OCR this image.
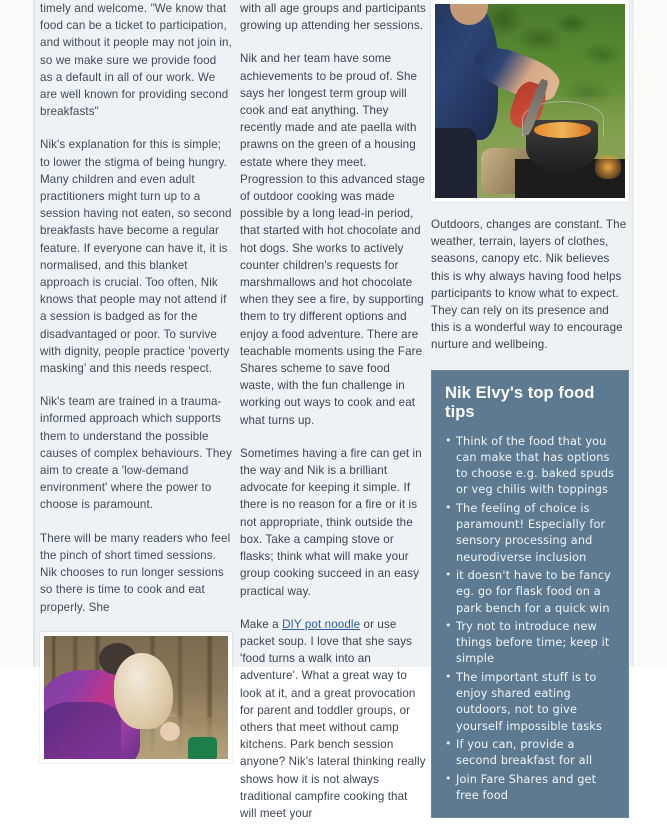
timely and welcome. "We know that food can be a ticket to participation, and without it people may not join in, so we make sure we provide food as a default in all of our work. We are well known for providing second breakfasts"

Nik's explanation for this is simple; to lower the stigma of being hungry. Many children and even adult practitioners might turn up to a session having not eaten, so second breakfasts have become a regular feature. If everyone can have it, it is normalised, and this blanket approach is crucial. Too often, Nik knows that people may not attend if a session is badged as for the disadvantaged or poor. To survive with dignity, people practice 'poverty masking' and this needs respect.

Nik's team are trained in a trauma-informed approach which supports them to understand the possible causes of complex behaviours. They aim to create a 'low-demand environment' where the power to choose is paramount.

There will be many readers who feel the pinch of short timed sessions. Nik chooses to run longer sessions so there is time to cook and eat properly. She

with all age groups and participants growing up attending her sessions.

Nik and her team have some achievements to be proud of. She says her longest term group will cook and eat anything. They recently made and ate paella with prawns on the green of a housing estate where they meet. Progression to this advanced stage of outdoor cooking was made possible by a long lead-in period, that started with hot chocolate and hot dogs. She works to actively counter children's requests for marshmallows and hot chocolate when they see a fire, by supporting them to try different options and enjoy a food adventure. There are teachable moments using the Fare Shares scheme to save food waste, with the fun challenge in working out ways to cook and eat what turns up.

Sometimes having a fire can get in the way and Nik is a brilliant advocate for keeping it simple. If there is no reason for a fire or it is not appropriate, think outside the box. Take a camping stove or flasks; think what will make your group cooking succeed in an easy practical way.

Make a DIY pot noodle or use packet soup. I love that she says 'food turns a walk into an adventure'. What a great way to look at it, and a great provocation for parent and toddler groups, or others that meet without camp kitchens. Park bench session anyone? Nik's lateral thinking really shows how it is not always traditional campfire cooking that will meet your

Outdoors, changes are constant. The weather, terrain, layers of clothes, seasons, canopy etc. Nik believes this is why always having food helps participants to know what to expect. They can rely on its presence and this is a wonderful way to encourage nurture and wellbeing.

Nik Elvy's top food tips
• Think of the food that you can make that has options to choose e.g. baked spuds or veg chilis with toppings
• The feeling of choice is paramount! Especially for sensory processing and neurodiverse inclusion
• it doesn't have to be fancy eg. go for flask food on a park bench for a quick win
• Try not to introduce new things before time; keep it simple
• The important stuff is to enjoy shared eating outdoors, not to give yourself impossible tasks
• If you can, provide a second breakfast for all
• Join Fare Shares and get free food
